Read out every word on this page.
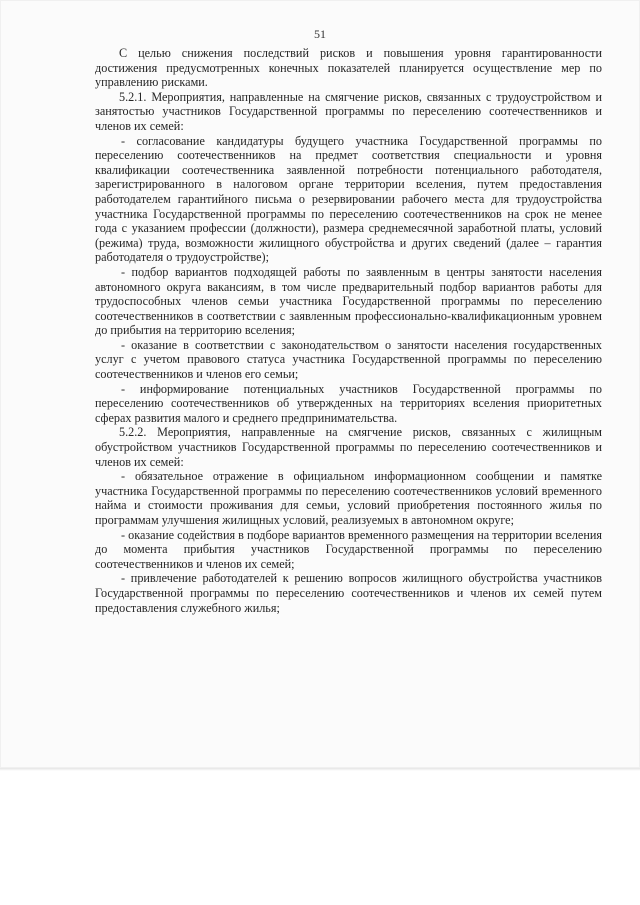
51

С целью снижения последствий рисков и повышения уровня гарантированности достижения предусмотренных конечных показателей планируется осуществление мер по управлению рисками.

5.2.1. Мероприятия, направленные на смягчение рисков, связанных с трудоустройством и занятостью участников Государственной программы по переселению соотечественников и членов их семей:

- согласование кандидатуры будущего участника Государственной программы по переселению соотечественников на предмет соответствия специальности и уровня квалификации соотечественника заявленной потребности потенциального работодателя, зарегистрированного в налоговом органе территории вселения, путем предоставления работодателем гарантийного письма о резервировании рабочего места для трудоустройства участника Государственной программы по переселению соотечественников на срок не менее года с указанием профессии (должности), размера среднемесячной заработной платы, условий (режима) труда, возможности жилищного обустройства и других сведений (далее – гарантия работодателя о трудоустройстве);

- подбор вариантов подходящей работы по заявленным в центры занятости населения автономного округа вакансиям, в том числе предварительный подбор вариантов работы для трудоспособных членов семьи участника Государственной программы по переселению соотечественников в соответствии с заявленным профессионально-квалификационным уровнем до прибытия на территорию вселения;

- оказание в соответствии с законодательством о занятости населения государственных услуг с учетом правового статуса участника Государственной программы по переселению соотечественников и членов его семьи;

- информирование потенциальных участников Государственной программы по переселению соотечественников об утвержденных на территориях вселения приоритетных сферах развития малого и среднего предпринимательства.

5.2.2. Мероприятия, направленные на смягчение рисков, связанных с жилищным обустройством участников Государственной программы по переселению соотечественников и членов их семей:

- обязательное отражение в официальном информационном сообщении и памятке участника Государственной программы по переселению соотечественников условий временного найма и стоимости проживания для семьи, условий приобретения постоянного жилья по программам улучшения жилищных условий, реализуемых в автономном округе;

- оказание содействия в подборе вариантов временного размещения на территории вселения до момента прибытия участников Государственной программы по переселению соотечественников и членов их семей;

- привлечение работодателей к решению вопросов жилищного обустройства участников Государственной программы по переселению соотечественников и членов их семей путем предоставления служебного жилья;
